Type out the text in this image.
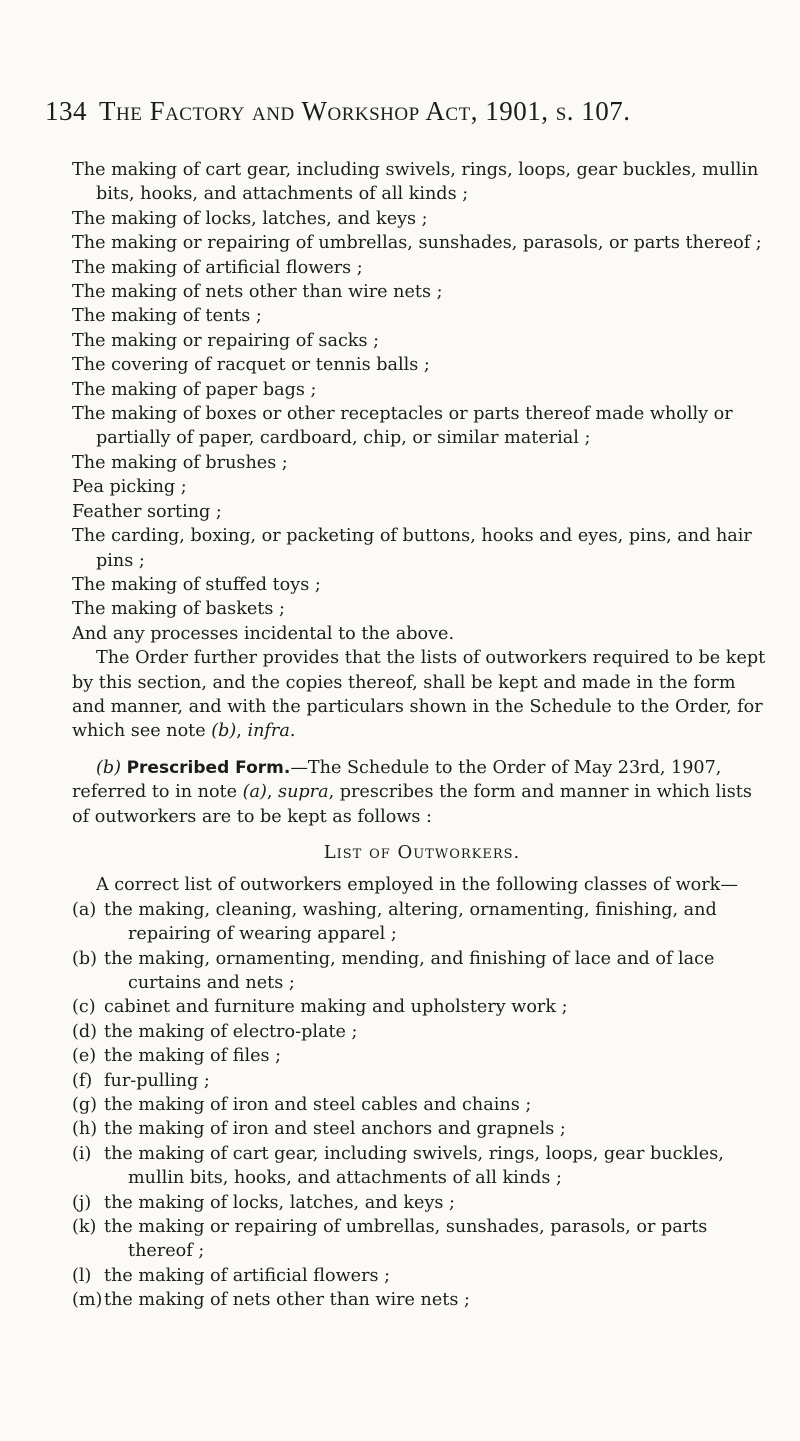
134 The Factory and Workshop Act, 1901, s. 107.

The making of cart gear, including swivels, rings, loops, gear buckles, mullin bits, hooks, and attachments of all kinds ;

The making of locks, latches, and keys ;

The making or repairing of umbrellas, sunshades, parasols, or parts thereof ;

The making of artificial flowers ;

The making of nets other than wire nets ;

The making of tents ;

The making or repairing of sacks ;

The covering of racquet or tennis balls ;

The making of paper bags ;

The making of boxes or other receptacles or parts thereof made wholly or partially of paper, cardboard, chip, or similar material ;

The making of brushes ;

Pea picking ;

Feather sorting ;

The carding, boxing, or packeting of buttons, hooks and eyes, pins, and hair pins ;

The making of stuffed toys ;

The making of baskets ;

And any processes incidental to the above.

The Order further provides that the lists of outworkers required to be kept by this section, and the copies thereof, shall be kept and made in the form and manner, and with the particulars shown in the Schedule to the Order, for which see note (b), infra.

(b) Prescribed Form.—The Schedule to the Order of May 23rd, 1907, referred to in note (a), supra, prescribes the form and manner in which lists of outworkers are to be kept as follows :

List of Outworkers.

A correct list of outworkers employed in the following classes of work—

(a) the making, cleaning, washing, altering, ornamenting, finishing, and repairing of wearing apparel ;
(b) the making, ornamenting, mending, and finishing of lace and of lace curtains and nets ;
(c) cabinet and furniture making and upholstery work ;
(d) the making of electro-plate ;
(e) the making of files ;
(f) fur-pulling ;
(g) the making of iron and steel cables and chains ;
(h) the making of iron and steel anchors and grapnels ;
(i) the making of cart gear, including swivels, rings, loops, gear buckles, mullin bits, hooks, and attachments of all kinds ;
(j) the making of locks, latches, and keys ;
(k) the making or repairing of umbrellas, sunshades, parasols, or parts thereof ;
(l) the making of artificial flowers ;
(m) the making of nets other than wire nets ;
